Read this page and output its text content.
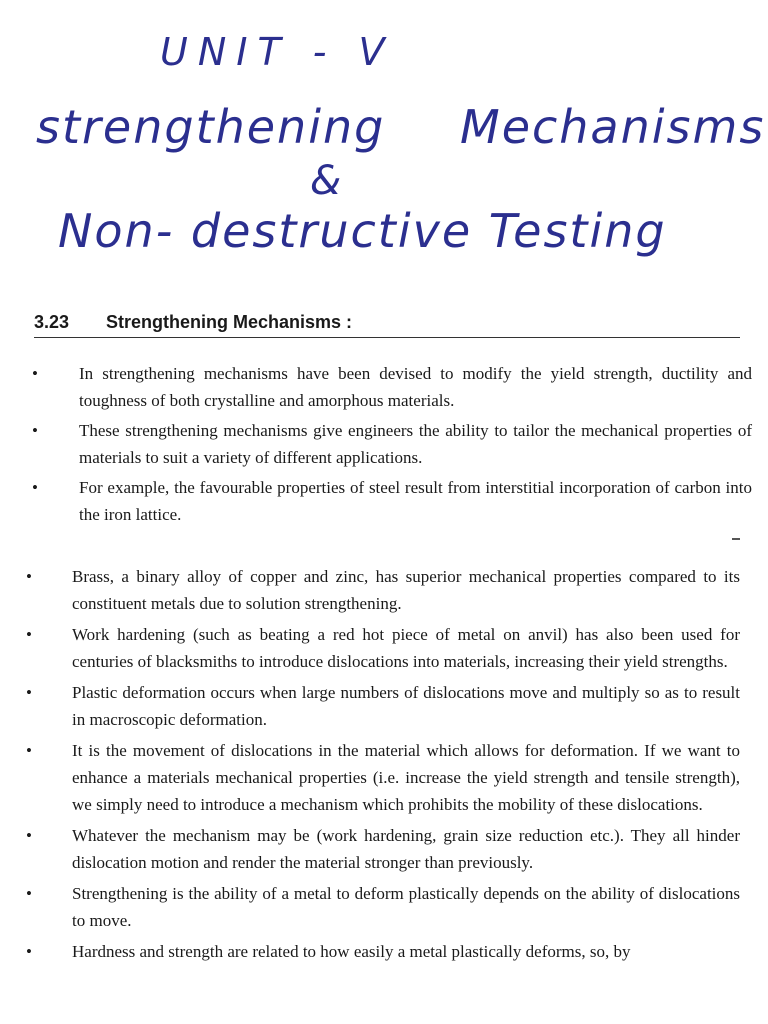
UNIT - V
strengthening Mechanisms
&
Non- destructive Testing
3.23 Strengthening Mechanisms :
• In strengthening mechanisms have been devised to modify the yield strength, ductility and toughness of both crystalline and amorphous materials.
• These strengthening mechanisms give engineers the ability to tailor the mechanical properties of materials to suit a variety of different applications.
• For example, the favourable properties of steel result from interstitial incorporation of carbon into the iron lattice.
• Brass, a binary alloy of copper and zinc, has superior mechanical properties compared to its constituent metals due to solution strengthening.
• Work hardening (such as beating a red hot piece of metal on anvil) has also been used for centuries of blacksmiths to introduce dislocations into materials, increasing their yield strengths.
• Plastic deformation occurs when large numbers of dislocations move and multiply so as to result in macroscopic deformation.
• It is the movement of dislocations in the material which allows for deformation. If we want to enhance a materials mechanical properties (i.e. increase the yield strength and tensile strength), we simply need to introduce a mechanism which prohibits the mobility of these dislocations.
• Whatever the mechanism may be (work hardening, grain size reduction etc.). They all hinder dislocation motion and render the material stronger than previously.
• Strengthening is the ability of a metal to deform plastically depends on the ability of dislocations to move.
• Hardness and strength are related to how easily a metal plastically deforms, so, by
